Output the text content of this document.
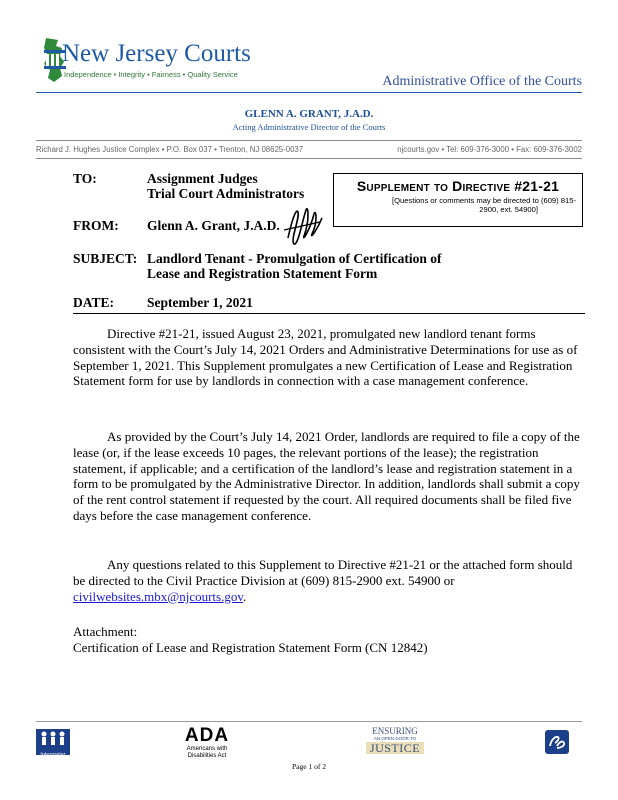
New Jersey Courts
Independence • Integrity • Fairness • Quality Service	Administrative Office of the Courts
GLENN A. GRANT, J.A.D.
Acting Administrative Director of the Courts
Richard J. Hughes Justice Complex • P.O. Box 037 • Trenton, NJ 08625-0037	njcourts.gov • Tel: 609-376-3000 • Fax: 609-376-3002
TO:	Assignment Judges
Trial Court Administrators	Supplement to Directive #21-21
[Questions or comments may be directed to (609) 815-
2900, ext. 54900]
FROM: Glenn A. Grant, J.A.D.
SUBJECT: Landlord Tenant - Promulgation of Certification of
Lease and Registration Statement Form
DATE: September 1, 2021
Directive #21-21, issued August 23, 2021, promulgated new landlord tenant forms consistent with the Court’s July 14, 2021 Orders and Administrative Determinations for use as of September 1, 2021. This Supplement promulgates a new Certification of Lease and Registration Statement form for use by landlords in connection with a case management conference.
As provided by the Court’s July 14, 2021 Order, landlords are required to file a copy of the lease (or, if the lease exceeds 10 pages, the relevant portions of the lease); the registration statement, if applicable; and a certification of the landlord’s lease and registration statement in a form to be promulgated by the Administrative Director. In addition, landlords shall submit a copy of the rent control statement if requested by the court. All required documents shall be filed five days before the case management conference.
Any questions related to this Supplement to Directive #21-21 or the attached form should be directed to the Civil Practice Division at (609) 815-2900 ext. 54900 or civilwebsites.mbx@njcourts.gov.
Attachment:
Certification of Lease and Registration Statement Form (CN 12842)
Interpreter
ADA
Americans with
Disabilities Act
ENSURING
AN OPEN DOOR TO
JUSTICE
Page 1 of 2
